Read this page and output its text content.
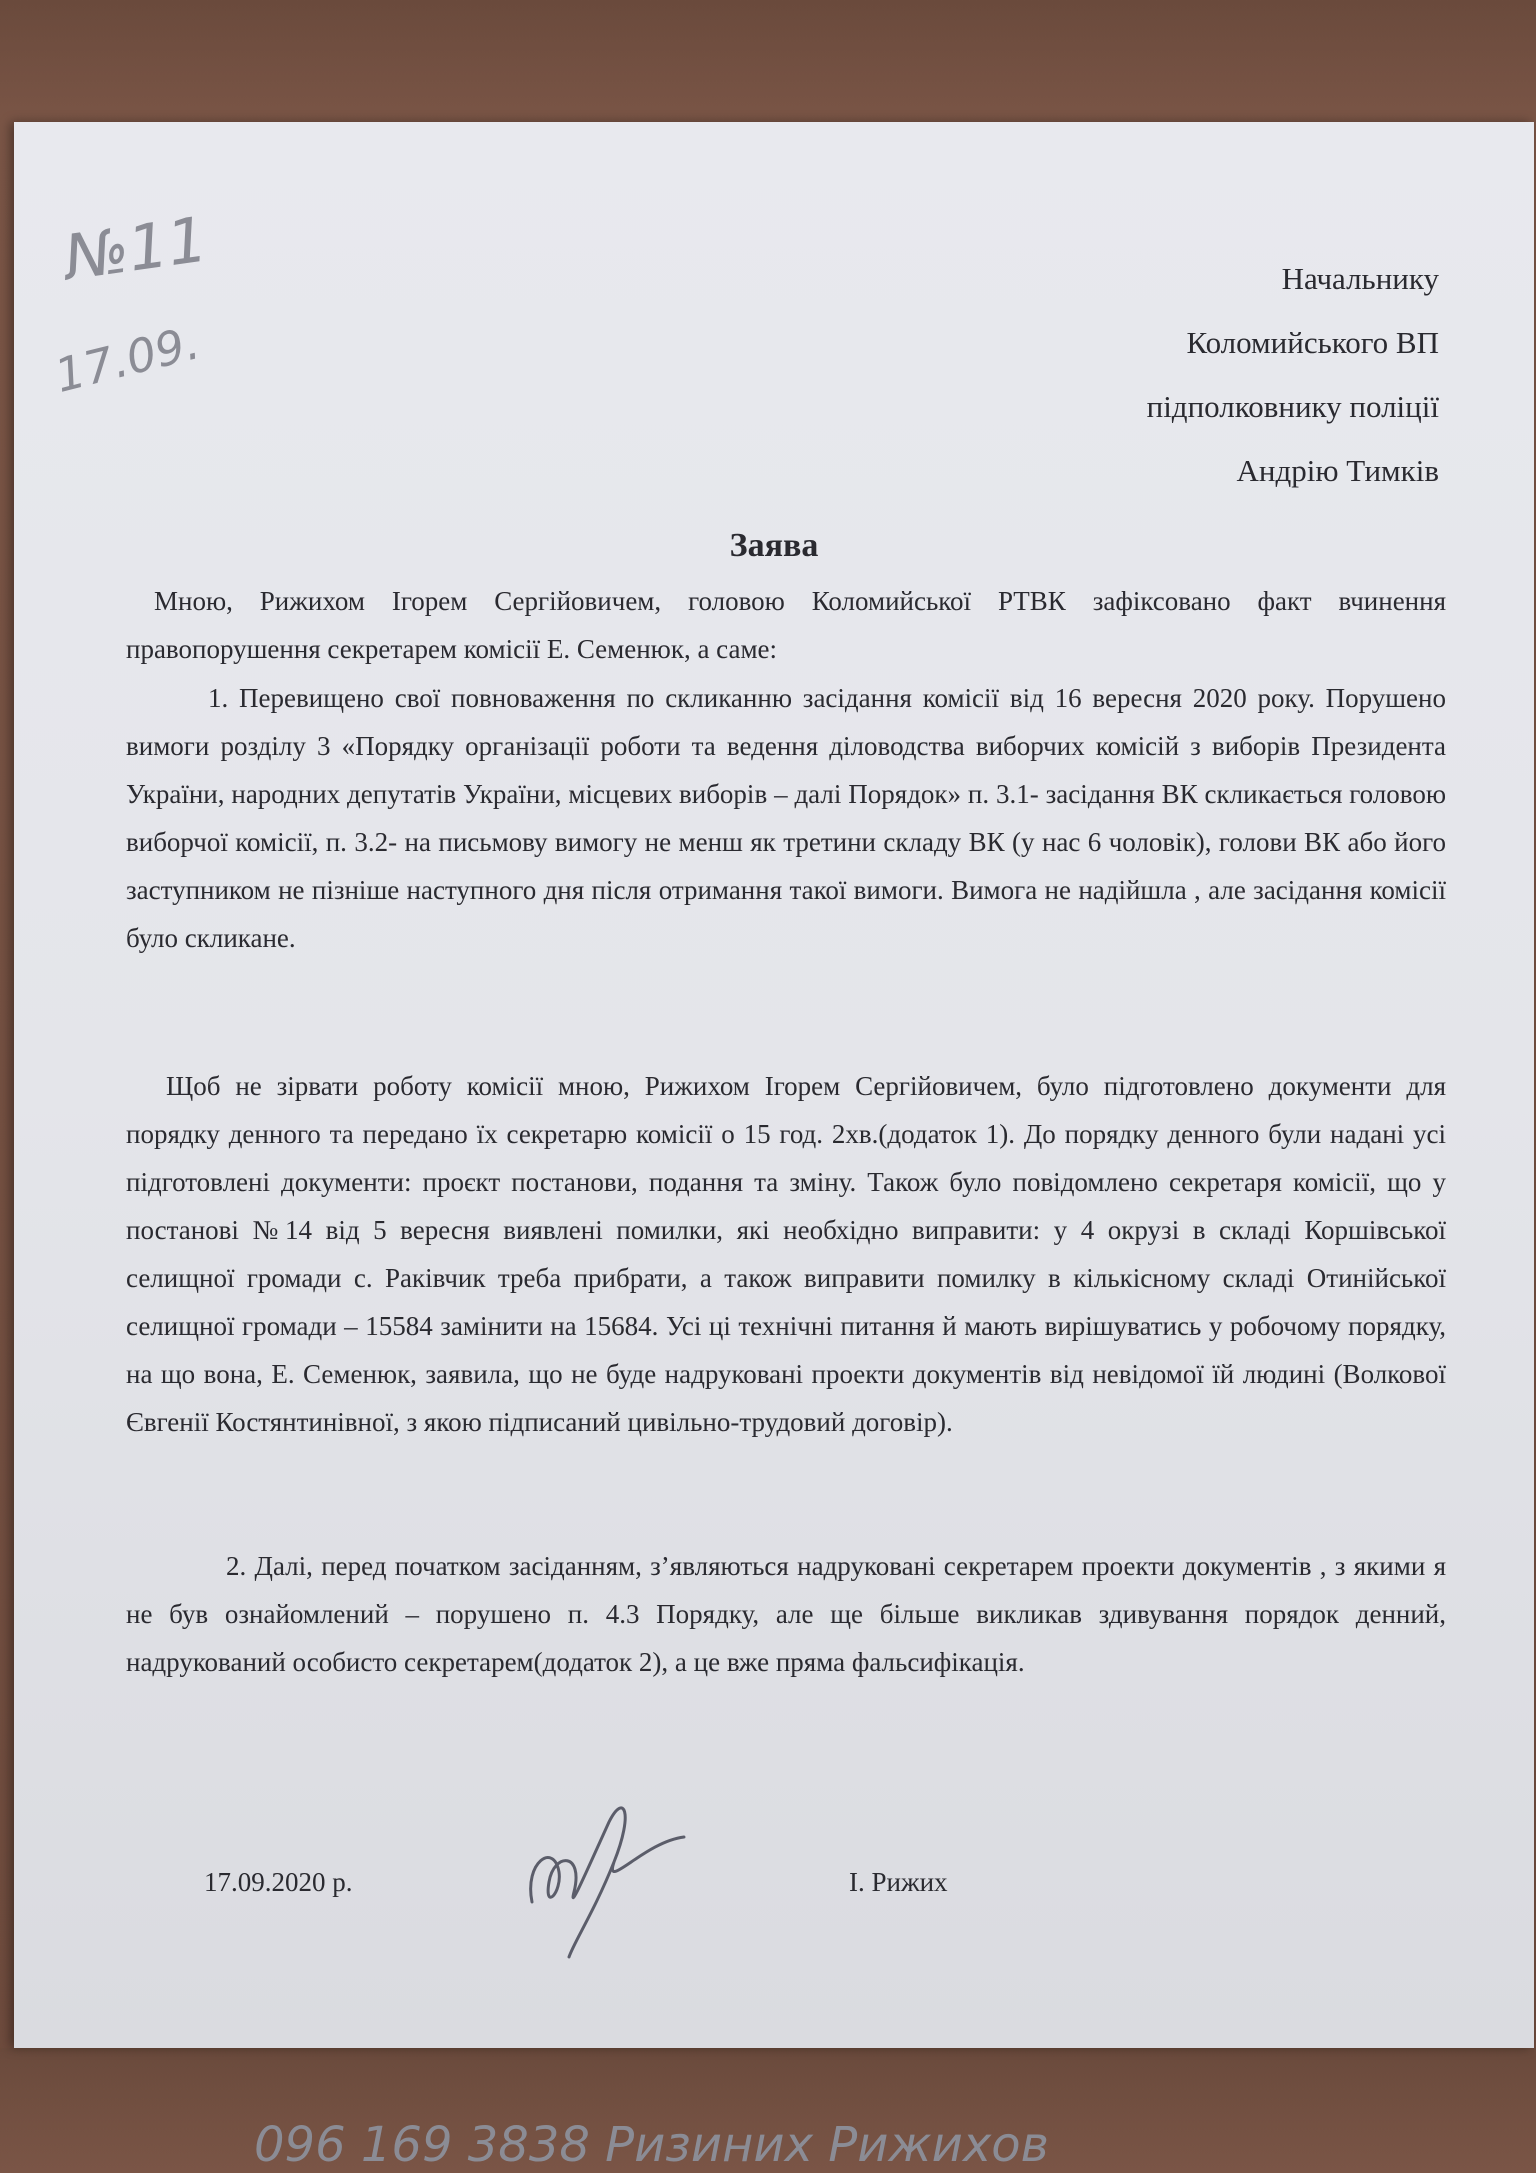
№11
17.09.
Начальнику
Коломийського ВП
підполковнику поліції
Андрію Тимків
Заява
Мною, Рижихом Ігорем Сергійовичем, головою Коломийської РТВК зафіксовано факт вчинення правопорушення секретарем комісії Е. Семенюк, а саме:
1. Перевищено свої повноваження по скликанню засідання комісії від 16 вересня 2020 року. Порушено вимоги розділу 3 «Порядку організації роботи та ведення діловодства виборчих комісій з виборів Президента України, народних депутатів України, місцевих виборів – далі Порядок» п. 3.1- засідання ВК скликається головою виборчої комісії, п. 3.2- на письмову вимогу не менш як третини складу ВК (у нас 6 чоловік), голови ВК або його заступником не пізніше наступного дня після отримання такої вимоги. Вимога не надійшла , але засідання комісії було скликане.
Щоб не зірвати роботу комісії мною, Рижихом Ігорем Сергійовичем, було підготовлено документи для порядку денного та передано їх секретарю комісії о 15 год. 2хв.(додаток 1). До порядку денного були надані усі підготовлені документи: проєкт постанови, подання та зміну. Також було повідомлено секретаря комісії, що у постанові №14 від 5 вересня виявлені помилки, які необхідно виправити: у 4 окрузі в складі Коршівської селищної громади с. Раківчик треба прибрати, а також виправити помилку в кількісному складі Отинійської селищної громади – 15584 замінити на 15684. Усі ці технічні питання й мають вирішуватись у робочому порядку, на що вона, Е. Семенюк, заявила, що не буде надруковані проекти документів від невідомої їй людині (Волкової Євгенії Костянтинівної, з якою підписаний цивільно-трудовий договір).
2. Далі, перед початком засіданням, з’являються надруковані секретарем проекти документів , з якими я не був ознайомлений – порушено п. 4.3 Порядку, але ще більше викликав здивування порядок денний, надрукований особисто секретарем(додаток 2), а це вже пряма фальсифікація.
17.09.2020 р.	І. Рижих
096 169 3838 Ризиних Рижихов
